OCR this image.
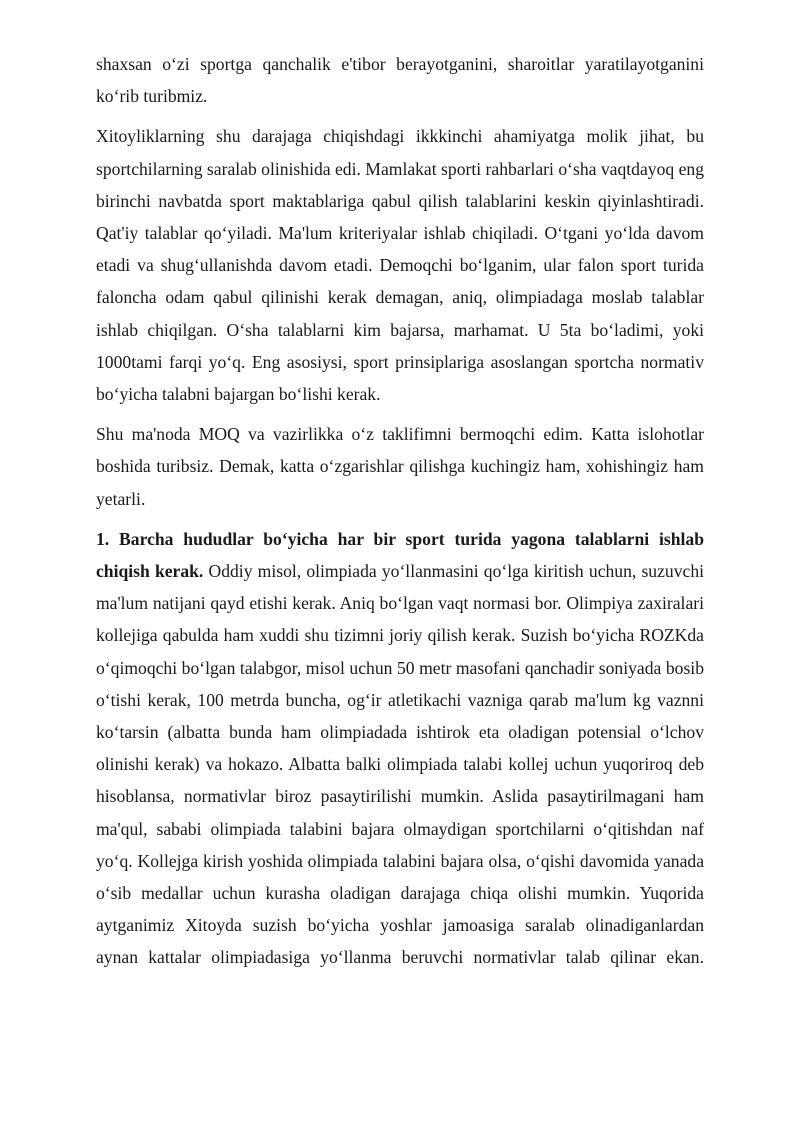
shaxsan o‘zi sportga qanchalik e'tibor berayotganini, sharoitlar yaratilayotganini ko‘rib turibmiz.

Xitoyliklarning shu darajaga chiqishdagi ikkkinchi ahamiyatga molik jihat, bu sportchilarning saralab olinishida edi. Mamlakat sporti rahbarlari o‘sha vaqtdayoq eng birinchi navbatda sport maktablariga qabul qilish talablarini keskin qiyinlashtiradi. Qat'iy talablar qo‘yiladi. Ma'lum kriteriyalar ishlab chiqiladi. O‘tgani yo‘lda davom etadi va shug‘ullanishda davom etadi. Demoqchi bo‘lganim, ular falon sport turida faloncha odam qabul qilinishi kerak demagan, aniq, olimpiadaga moslab talablar ishlab chiqilgan. O‘sha talablarni kim bajarsa, marhamat. U 5ta bo‘ladimi, yoki 1000tami farqi yo‘q. Eng asosiysi, sport prinsiplariga asoslangan sportcha normativ bo‘yicha talabni bajargan bo‘lishi kerak.

Shu ma'noda MOQ va vazirlikka o‘z taklifimni bermoqchi edim. Katta islohotlar boshida turibsiz. Demak, katta o‘zgarishlar qilishga kuchingiz ham, xohishingiz ham yetarli.

1. Barcha hududlar bo‘yicha har bir sport turida yagona talablarni ishlab chiqish kerak. Oddiy misol, olimpiada yo‘llanmasini qo‘lga kiritish uchun, suzuvchi ma'lum natijani qayd etishi kerak. Aniq bo‘lgan vaqt normasi bor. Olimpiya zaxiralari kollejiga qabulda ham xuddi shu tizimni joriy qilish kerak. Suzish bo‘yicha ROZKda o‘qimoqchi bo‘lgan talabgor, misol uchun 50 metr masofani qanchadir soniyada bosib o‘tishi kerak, 100 metrda buncha, og‘ir atletikachi vazniga qarab ma'lum kg vaznni ko‘tarsin (albatta bunda ham olimpiadada ishtirok eta oladigan potensial o‘lchov olinishi kerak) va hokazo. Albatta balki olimpiada talabi kollej uchun yuqoriroq deb hisoblansa, normativlar biroz pasaytirilishi mumkin. Aslida pasaytirilmagani ham ma'qul, sababi olimpiada talabini bajara olmaydigan sportchilarni o‘qitishdan naf yo‘q. Kollejga kirish yoshida olimpiada talabini bajara olsa, o‘qishi davomida yanada o‘sib medallar uchun kurasha oladigan darajaga chiqa olishi mumkin. Yuqorida aytganimiz Xitoyda suzish bo‘yicha yoshlar jamoasiga saralab olinadiganlardan aynan kattalar olimpiadasiga yo‘llanma beruvchi normativlar talab qilinar ekan.
